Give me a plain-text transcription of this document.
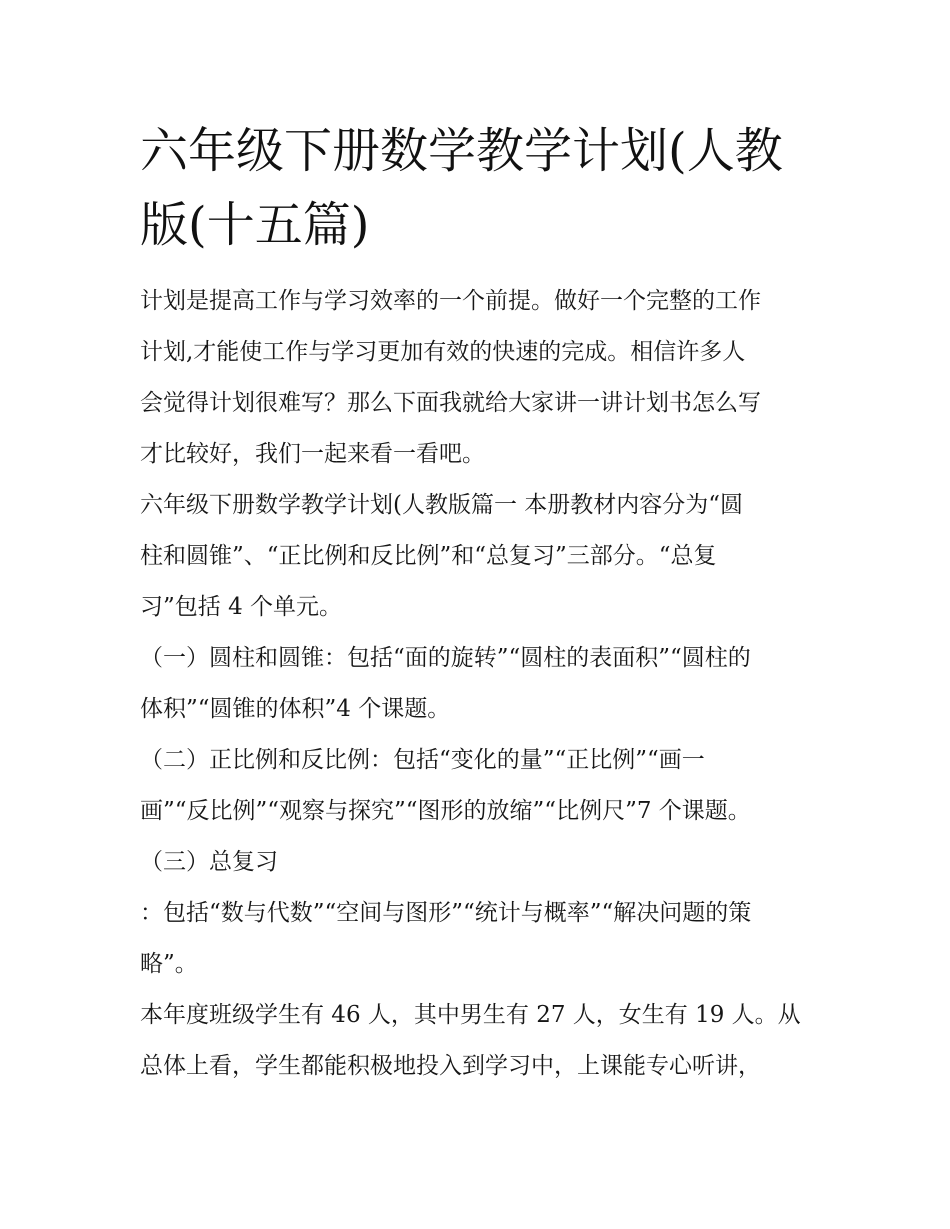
六年级下册数学教学计划(人教
版(十五篇)
计划是提高工作与学习效率的一个前提。做好一个完整的工作
计划,才能使工作与学习更加有效的快速的完成。相信许多人
会觉得计划很难写？那么下面我就给大家讲一讲计划书怎么写
才比较好，我们一起来看一看吧。
六年级下册数学教学计划(人教版篇一 本册教材内容分为“圆
柱和圆锥”、“正比例和反比例”和“总复习”三部分。“总复
习”包括 4 个单元。
（一）圆柱和圆锥：包括“面的旋转”“圆柱的表面积”“圆柱的
体积”“圆锥的体积”4 个课题。
（二）正比例和反比例：包括“变化的量”“正比例”“画一
画”“反比例”“观察与探究”“图形的放缩”“比例尺”7 个课题。
（三）总复习
：包括“数与代数”“空间与图形”“统计与概率”“解决问题的策
略”。
本年度班级学生有 46 人，其中男生有 27 人，女生有 19 人。从
总体上看，学生都能积极地投入到学习中，上课能专心听讲，
